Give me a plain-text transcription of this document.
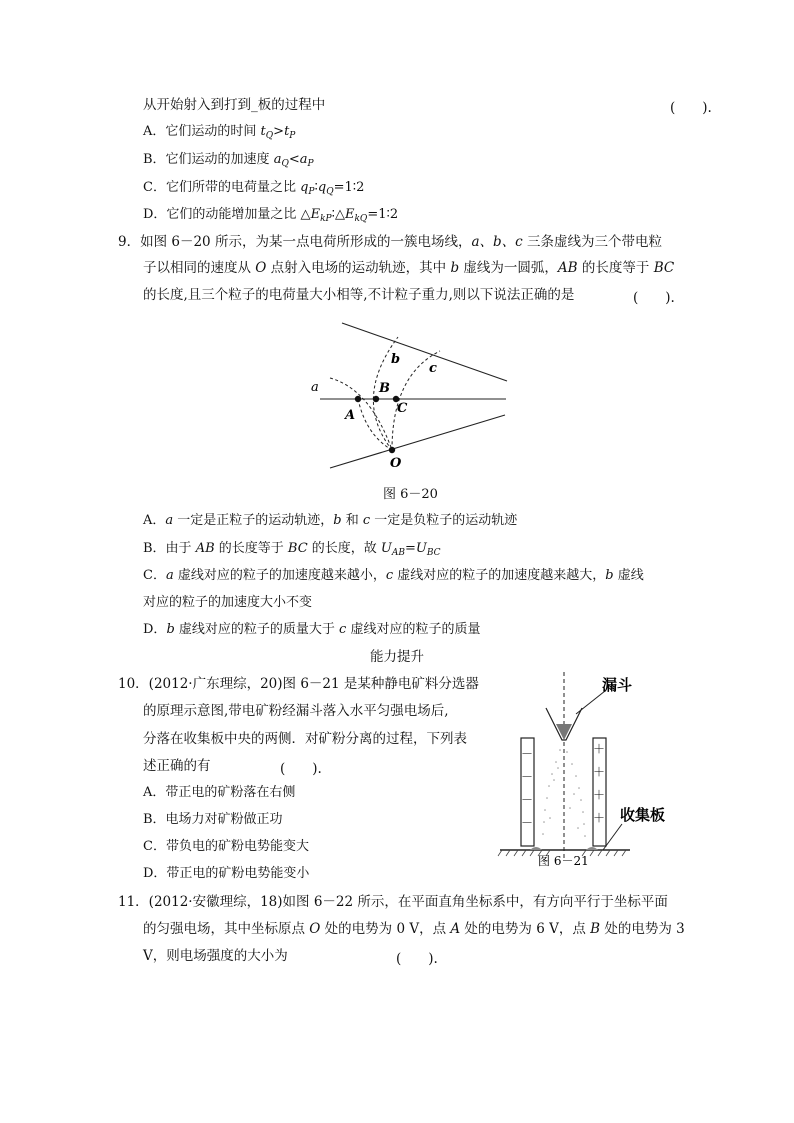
从开始射入到打到_板的过程中	(　　).
A．它们运动的时间 $t_Q>t_P$
B．它们运动的加速度 $a_Q<a_P$
C．它们所带的电荷量之比 $q_P∶q_Q=1∶2$
D．它们的动能增加量之比 $\triangle E_{kP}∶\triangle E_{kQ}=1∶2$
9．如图 6－20 所示，为某一点电荷所形成的一簇电场线，a、b、c 三条虚线为三个带电粒
子以相同的速度从 O 点射入电场的运动轨迹，其中 b 虚线为一圆弧，AB 的长度等于 BC
的长度,且三个粒子的电荷量大小相等,不计粒子重力,则以下说法正确的是	(　　).
a
b
c
A
B
C
O
图 6－20
A．a 一定是正粒子的运动轨迹，b 和 c 一定是负粒子的运动轨迹
B．由于 AB 的长度等于 BC 的长度，故 $U_{AB}=U_{BC}$
C．a 虚线对应的粒子的加速度越来越小，c 虚线对应的粒子的加速度越来越大，b 虚线
对应的粒子的加速度大小不变
D．b 虚线对应的粒子的质量大于 c 虚线对应的粒子的质量
能力提升
10．(2012·广东理综，20)图 6－21 是某种静电矿料分选器
的原理示意图,带电矿粉经漏斗落入水平匀强电场后,
分落在收集板中央的两侧．对矿粉分离的过程，下列表
述正确的有	(　　).
A．带正电的矿粉落在右侧
B．电场力对矿粉做正功
C．带负电的矿粉电势能变大
D．带正电的矿粉电势能变小
漏斗
－
－
－
－
＋
＋
＋
＋ 收集板
图 6－21
11．(2012·安徽理综，18)如图 6－22 所示，在平面直角坐标系中，有方向平行于坐标平面
的匀强电场，其中坐标原点 O 处的电势为 0 V，点 A 处的电势为 6 V，点 B 处的电势为 3
V，则电场强度的大小为	(　　).
